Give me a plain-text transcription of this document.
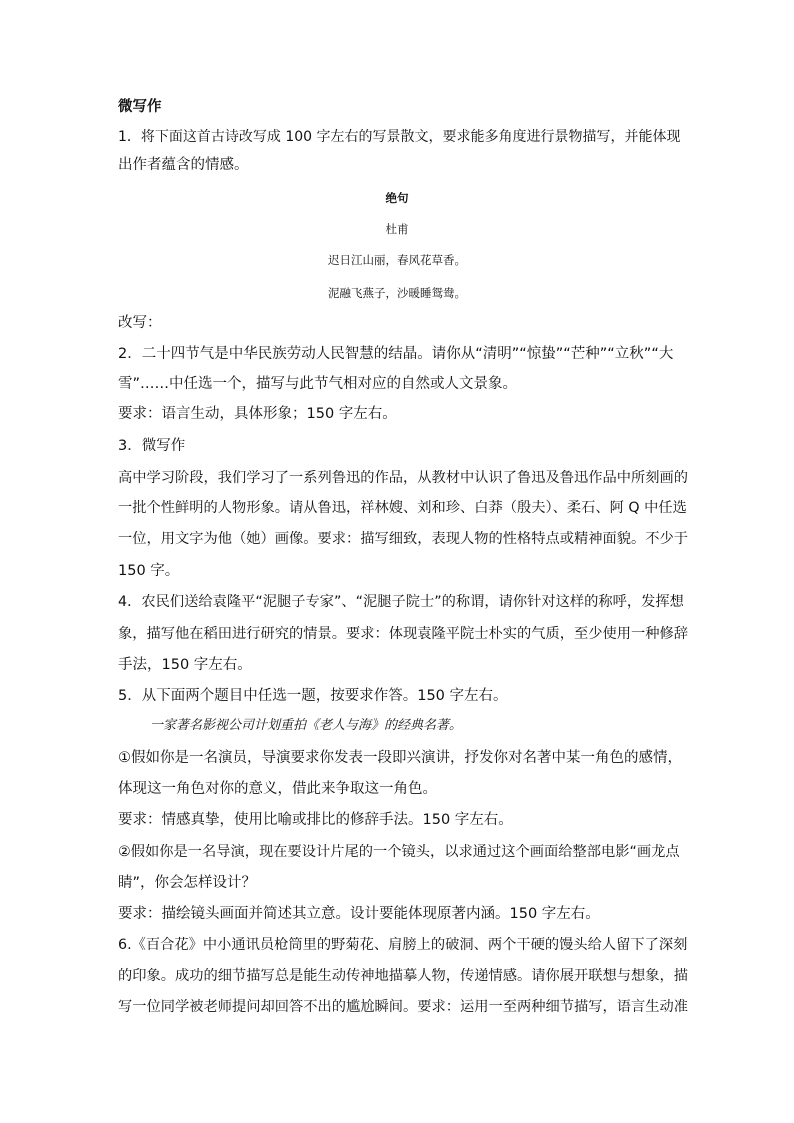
微写作
1．将下面这首古诗改写成 100 字左右的写景散文，要求能多角度进行景物描写，并能体现
出作者蕴含的情感。
绝句
杜甫
迟日江山丽，春风花草香。
泥融飞燕子，沙暖睡鸳鸯。
改写：
2．二十四节气是中华民族劳动人民智慧的结晶。请你从“清明”“惊蛰”“芒种”“立秋”“大
雪”……中任选一个，描写与此节气相对应的自然或人文景象。
要求：语言生动，具体形象；150 字左右。
3．微写作
高中学习阶段，我们学习了一系列鲁迅的作品，从教材中认识了鲁迅及鲁迅作品中所刻画的
一批个性鲜明的人物形象。请从鲁迅，祥林嫂、刘和珍、白莽（殷夫）、柔石、阿 Q 中任选
一位，用文字为他（她）画像。要求：描写细致，表现人物的性格特点或精神面貌。不少于
150 字。
4．农民们送给袁隆平“泥腿子专家”、“泥腿子院士”的称谓，请你针对这样的称呼，发挥想
象，描写他在稻田进行研究的情景。要求：体现袁隆平院士朴实的气质，至少使用一种修辞
手法，150 字左右。
5．从下面两个题目中任选一题，按要求作答。150 字左右。
一家著名影视公司计划重拍《老人与海》的经典名著。
①假如你是一名演员，导演要求你发表一段即兴演讲，抒发你对名著中某一角色的感情，
体现这一角色对你的意义，借此来争取这一角色。
要求：情感真挚，使用比喻或排比的修辞手法。150 字左右。
②假如你是一名导演，现在要设计片尾的一个镜头，以求通过这个画面给整部电影“画龙点
睛”，你会怎样设计？
要求：描绘镜头画面并简述其立意。设计要能体现原著内涵。150 字左右。
6.《百合花》中小通讯员枪筒里的野菊花、肩膀上的破洞、两个干硬的馒头给人留下了深刻
的印象。成功的细节描写总是能生动传神地描摹人物，传递情感。请你展开联想与想象，描
写一位同学被老师提问却回答不出的尴尬瞬间。要求：运用一至两种细节描写，语言生动准
